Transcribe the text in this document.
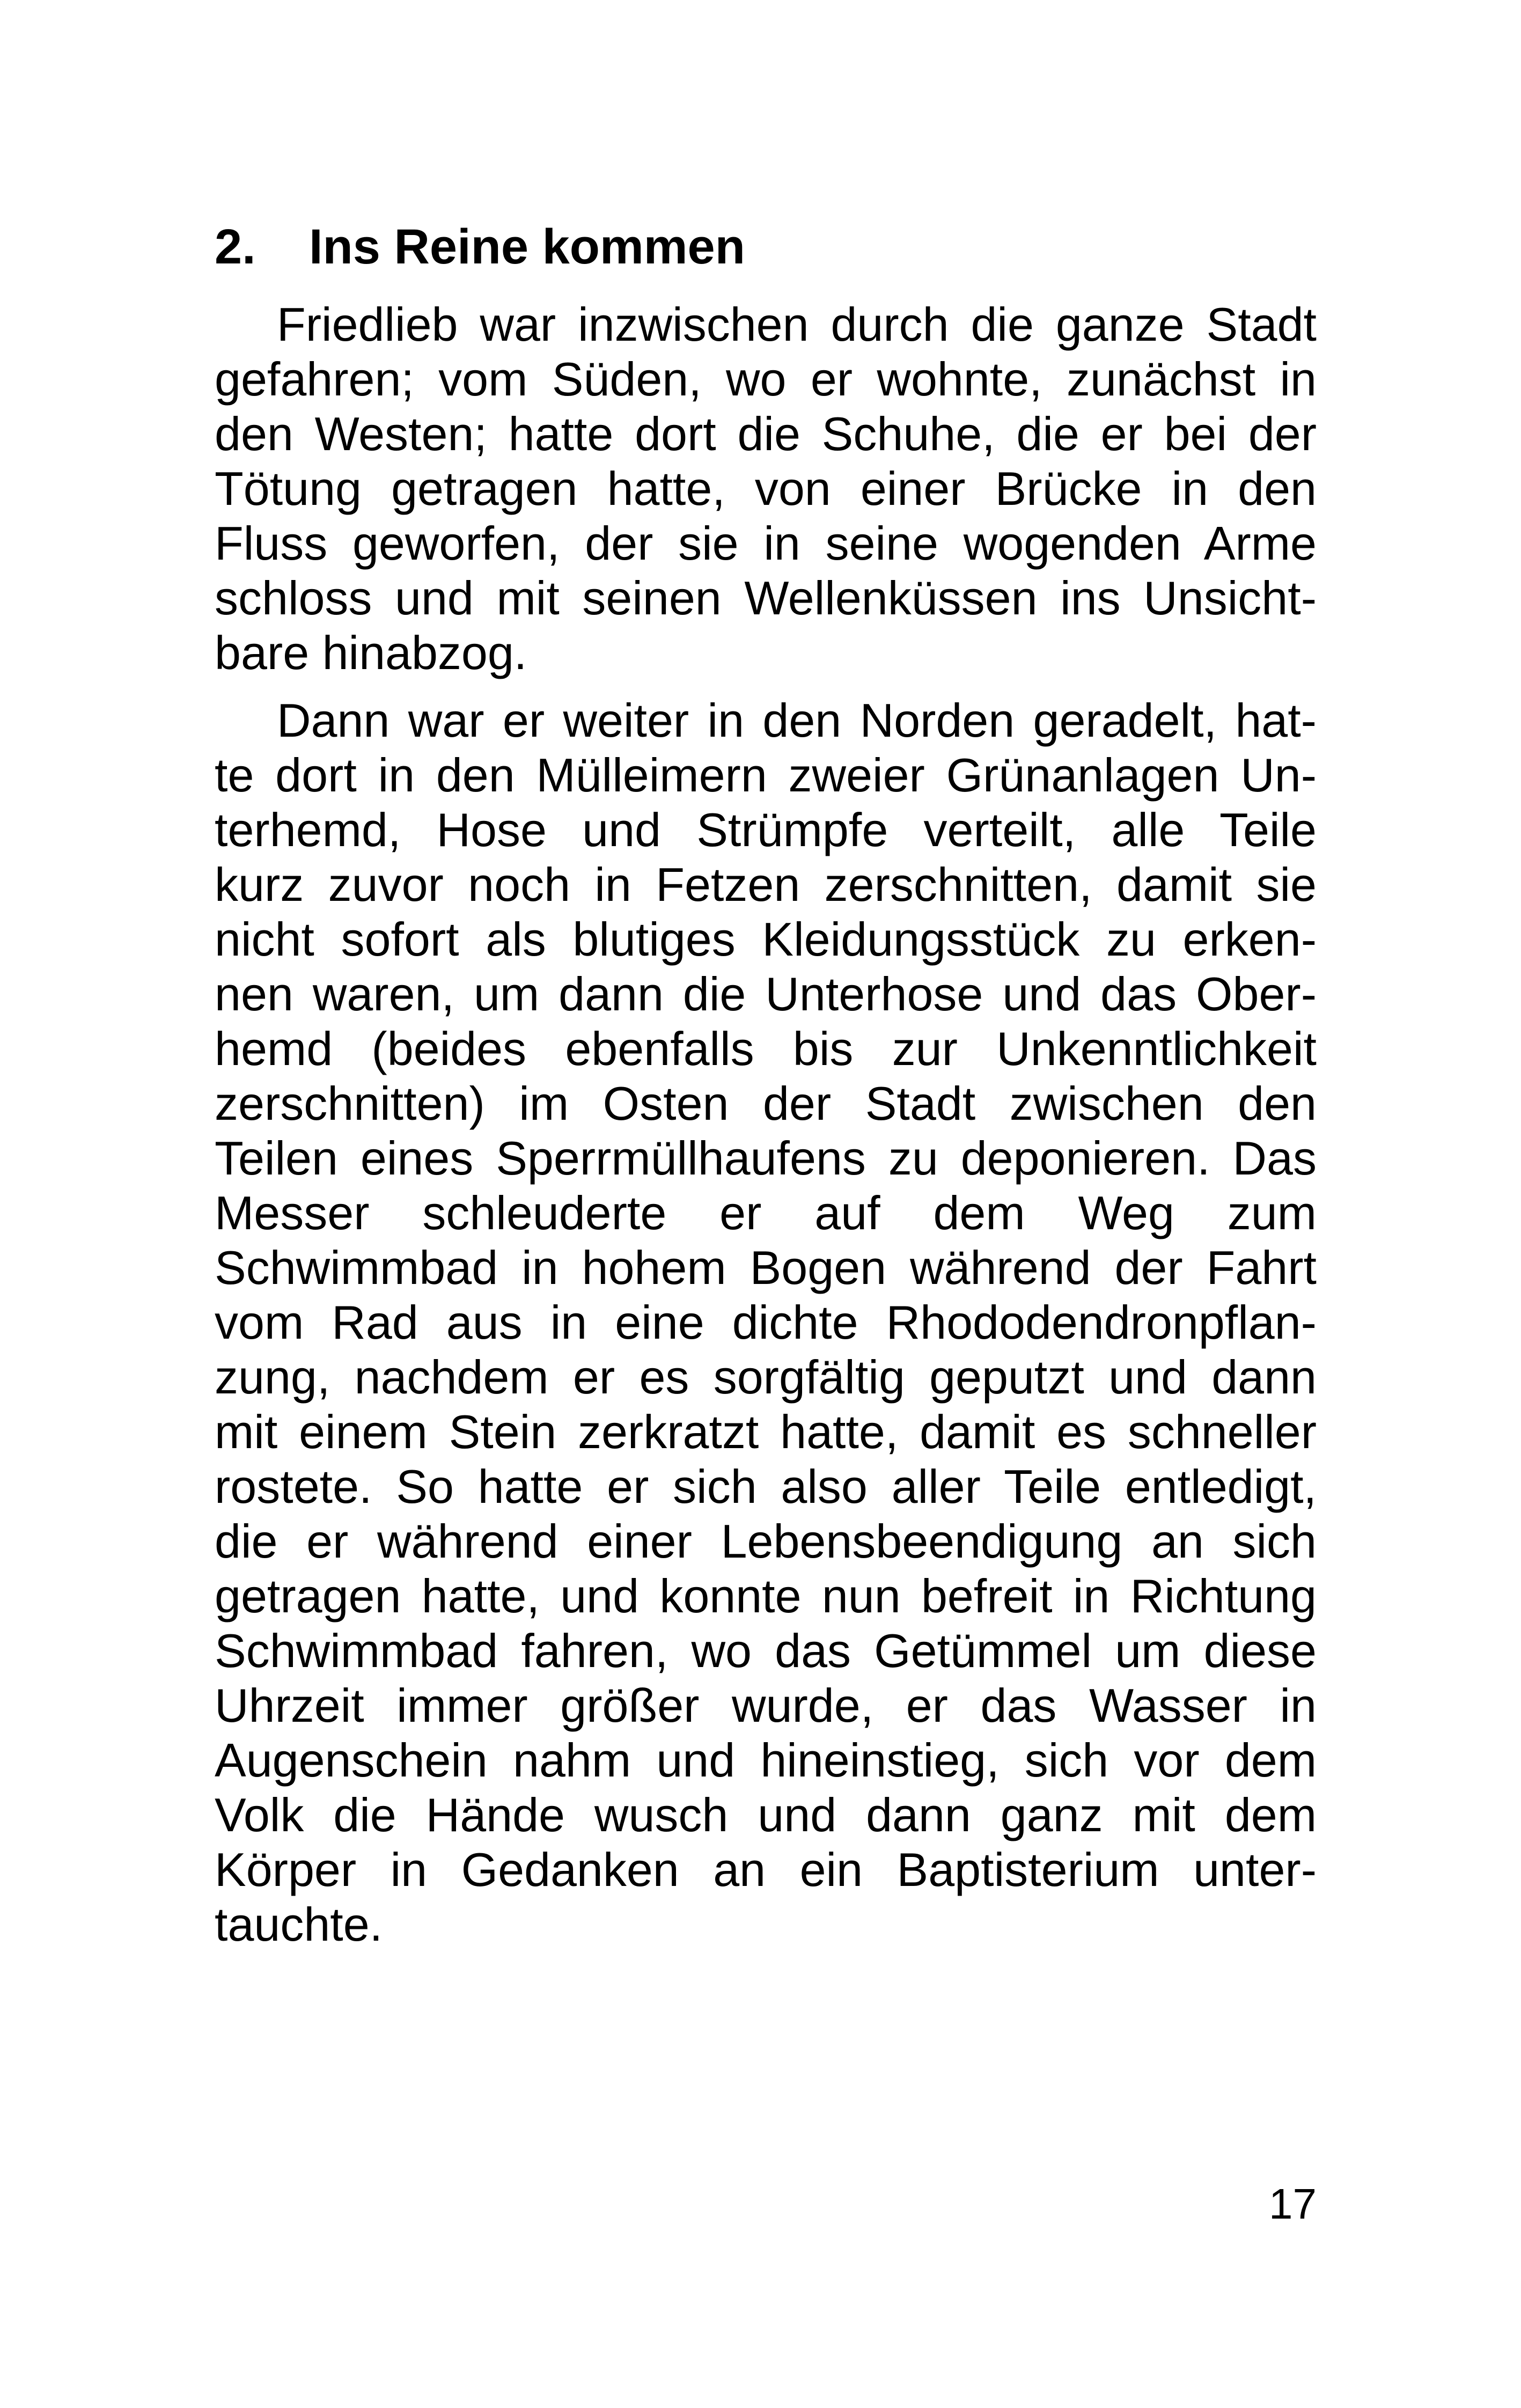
2. Ins Reine kommen
Friedlieb war inzwischen durch die ganze Stadt
gefahren; vom Süden, wo er wohnte, zunächst in
den Westen; hatte dort die Schuhe, die er bei der
Tötung getragen hatte, von einer Brücke in den
Fluss geworfen, der sie in seine wogenden Arme
schloss und mit seinen Wellenküssen ins Unsicht-
bare hinabzog.
Dann war er weiter in den Norden geradelt, hat-
te dort in den Mülleimern zweier Grünanlagen Un-
terhemd, Hose und Strümpfe verteilt, alle Teile
kurz zuvor noch in Fetzen zerschnitten, damit sie
nicht sofort als blutiges Kleidungsstück zu erken-
nen waren, um dann die Unterhose und das Ober-
hemd (beides ebenfalls bis zur Unkenntlichkeit
zerschnitten) im Osten der Stadt zwischen den
Teilen eines Sperrmüllhaufens zu deponieren. Das
Messer schleuderte er auf dem Weg zum
Schwimmbad in hohem Bogen während der Fahrt
vom Rad aus in eine dichte Rhododendronpflan-
zung, nachdem er es sorgfältig geputzt und dann
mit einem Stein zerkratzt hatte, damit es schneller
rostete. So hatte er sich also aller Teile entledigt,
die er während einer Lebensbeendigung an sich
getragen hatte, und konnte nun befreit in Richtung
Schwimmbad fahren, wo das Getümmel um diese
Uhrzeit immer größer wurde, er das Wasser in
Augenschein nahm und hineinstieg, sich vor dem
Volk die Hände wusch und dann ganz mit dem
Körper in Gedanken an ein Baptisterium unter-
tauchte.
17
